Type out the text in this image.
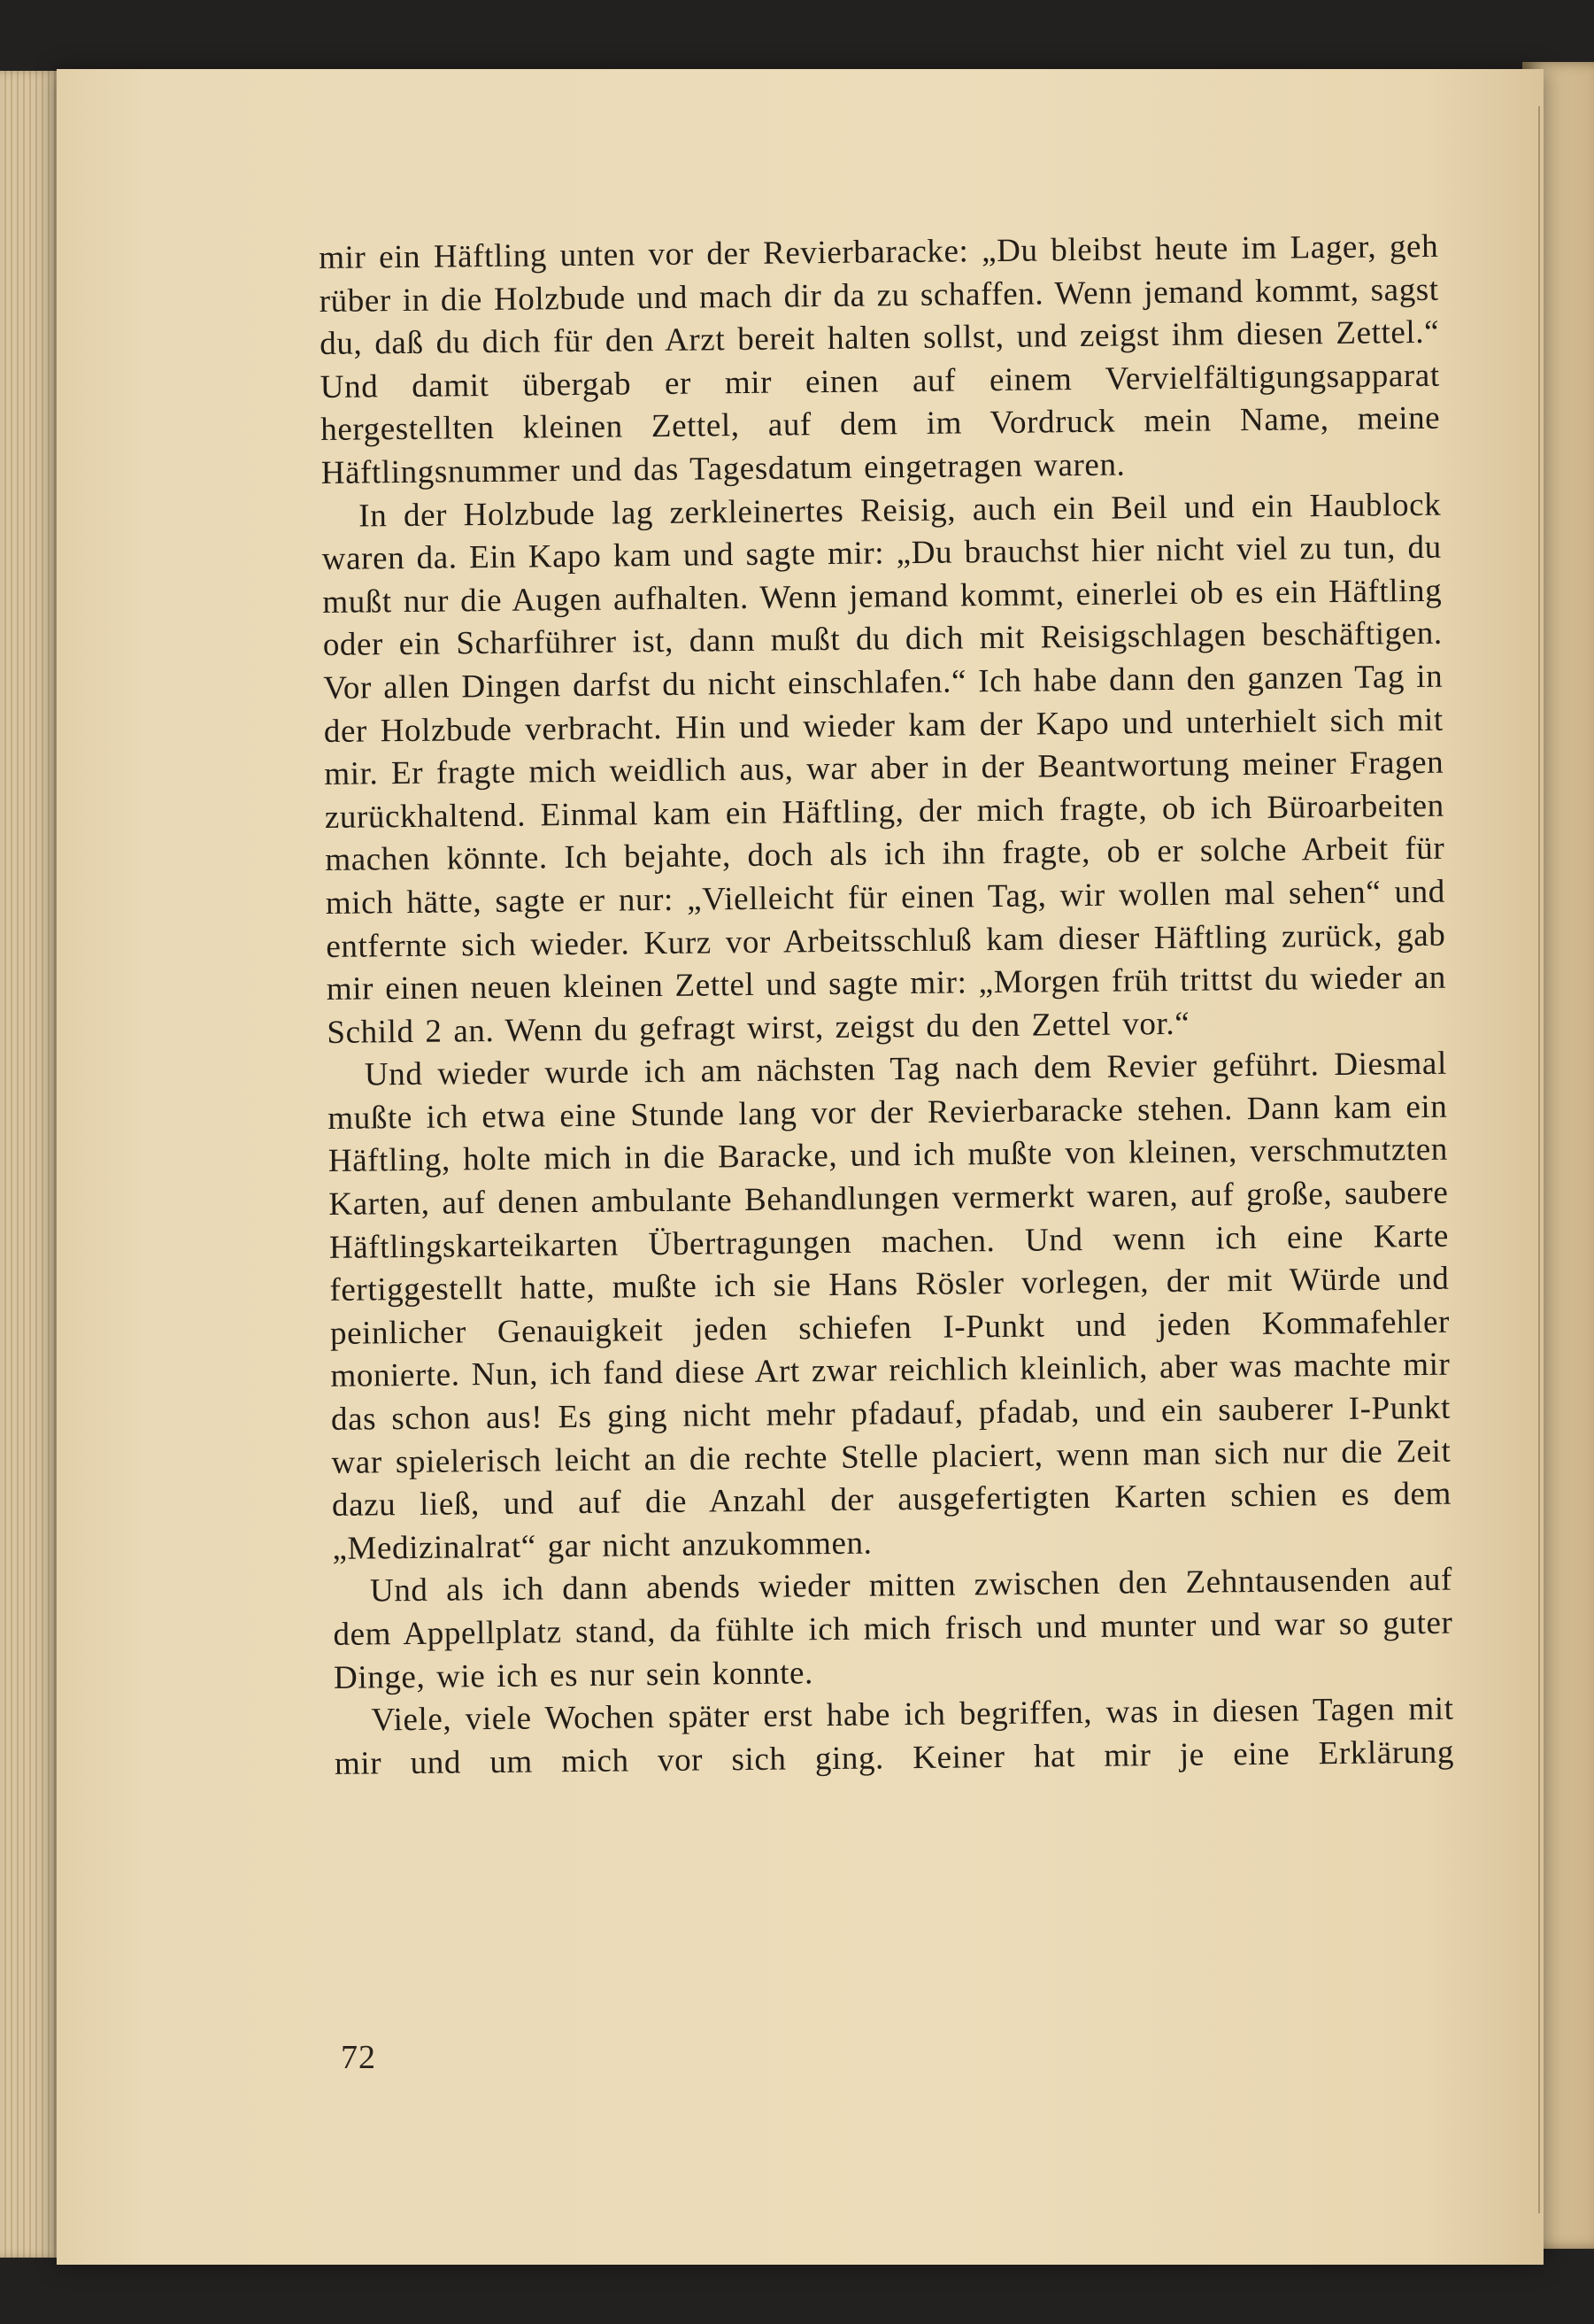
mir ein Häftling unten vor der Revierbaracke: „Du bleibst heute im Lager, geh rüber in die Holzbude und mach dir da zu schaffen. Wenn jemand kommt, sagst du, daß du dich für den Arzt bereit halten sollst, und zeigst ihm diesen Zettel.“ Und damit übergab er mir einen auf einem Vervielfältigungsapparat hergestellten kleinen Zettel, auf dem im Vordruck mein Name, meine Häftlingsnummer und das Tagesdatum eingetragen waren.

In der Holzbude lag zerkleinertes Reisig, auch ein Beil und ein Haublock waren da. Ein Kapo kam und sagte mir: „Du brauchst hier nicht viel zu tun, du mußt nur die Augen aufhalten. Wenn jemand kommt, einerlei ob es ein Häftling oder ein Scharführer ist, dann mußt du dich mit Reisigschlagen beschäftigen. Vor allen Dingen darfst du nicht einschlafen.“ Ich habe dann den ganzen Tag in der Holzbude verbracht. Hin und wieder kam der Kapo und unterhielt sich mit mir. Er fragte mich weidlich aus, war aber in der Beantwortung meiner Fragen zurückhaltend. Einmal kam ein Häftling, der mich fragte, ob ich Büroarbeiten machen könnte. Ich bejahte, doch als ich ihn fragte, ob er solche Arbeit für mich hätte, sagte er nur: „Vielleicht für einen Tag, wir wollen mal sehen“ und entfernte sich wieder. Kurz vor Arbeitsschluß kam dieser Häftling zurück, gab mir einen neuen kleinen Zettel und sagte mir: „Morgen früh trittst du wieder an Schild 2 an. Wenn du gefragt wirst, zeigst du den Zettel vor.“

Und wieder wurde ich am nächsten Tag nach dem Revier geführt. Diesmal mußte ich etwa eine Stunde lang vor der Revierbaracke stehen. Dann kam ein Häftling, holte mich in die Baracke, und ich mußte von kleinen, verschmutzten Karten, auf denen ambulante Behandlungen vermerkt waren, auf große, saubere Häftlingskarteikarten Übertragungen machen. Und wenn ich eine Karte fertiggestellt hatte, mußte ich sie Hans Rösler vorlegen, der mit Würde und peinlicher Genauigkeit jeden schiefen I-Punkt und jeden Kommafehler monierte. Nun, ich fand diese Art zwar reichlich kleinlich, aber was machte mir das schon aus! Es ging nicht mehr pfadauf, pfadab, und ein sauberer I-Punkt war spielerisch leicht an die rechte Stelle placiert, wenn man sich nur die Zeit dazu ließ, und auf die Anzahl der ausgefertigten Karten schien es dem „Medizinalrat“ gar nicht anzukommen.

Und als ich dann abends wieder mitten zwischen den Zehntausenden auf dem Appellplatz stand, da fühlte ich mich frisch und munter und war so guter Dinge, wie ich es nur sein konnte.

Viele, viele Wochen später erst habe ich begriffen, was in diesen Tagen mit mir und um mich vor sich ging. Keiner hat mir je eine Erklärung

72
